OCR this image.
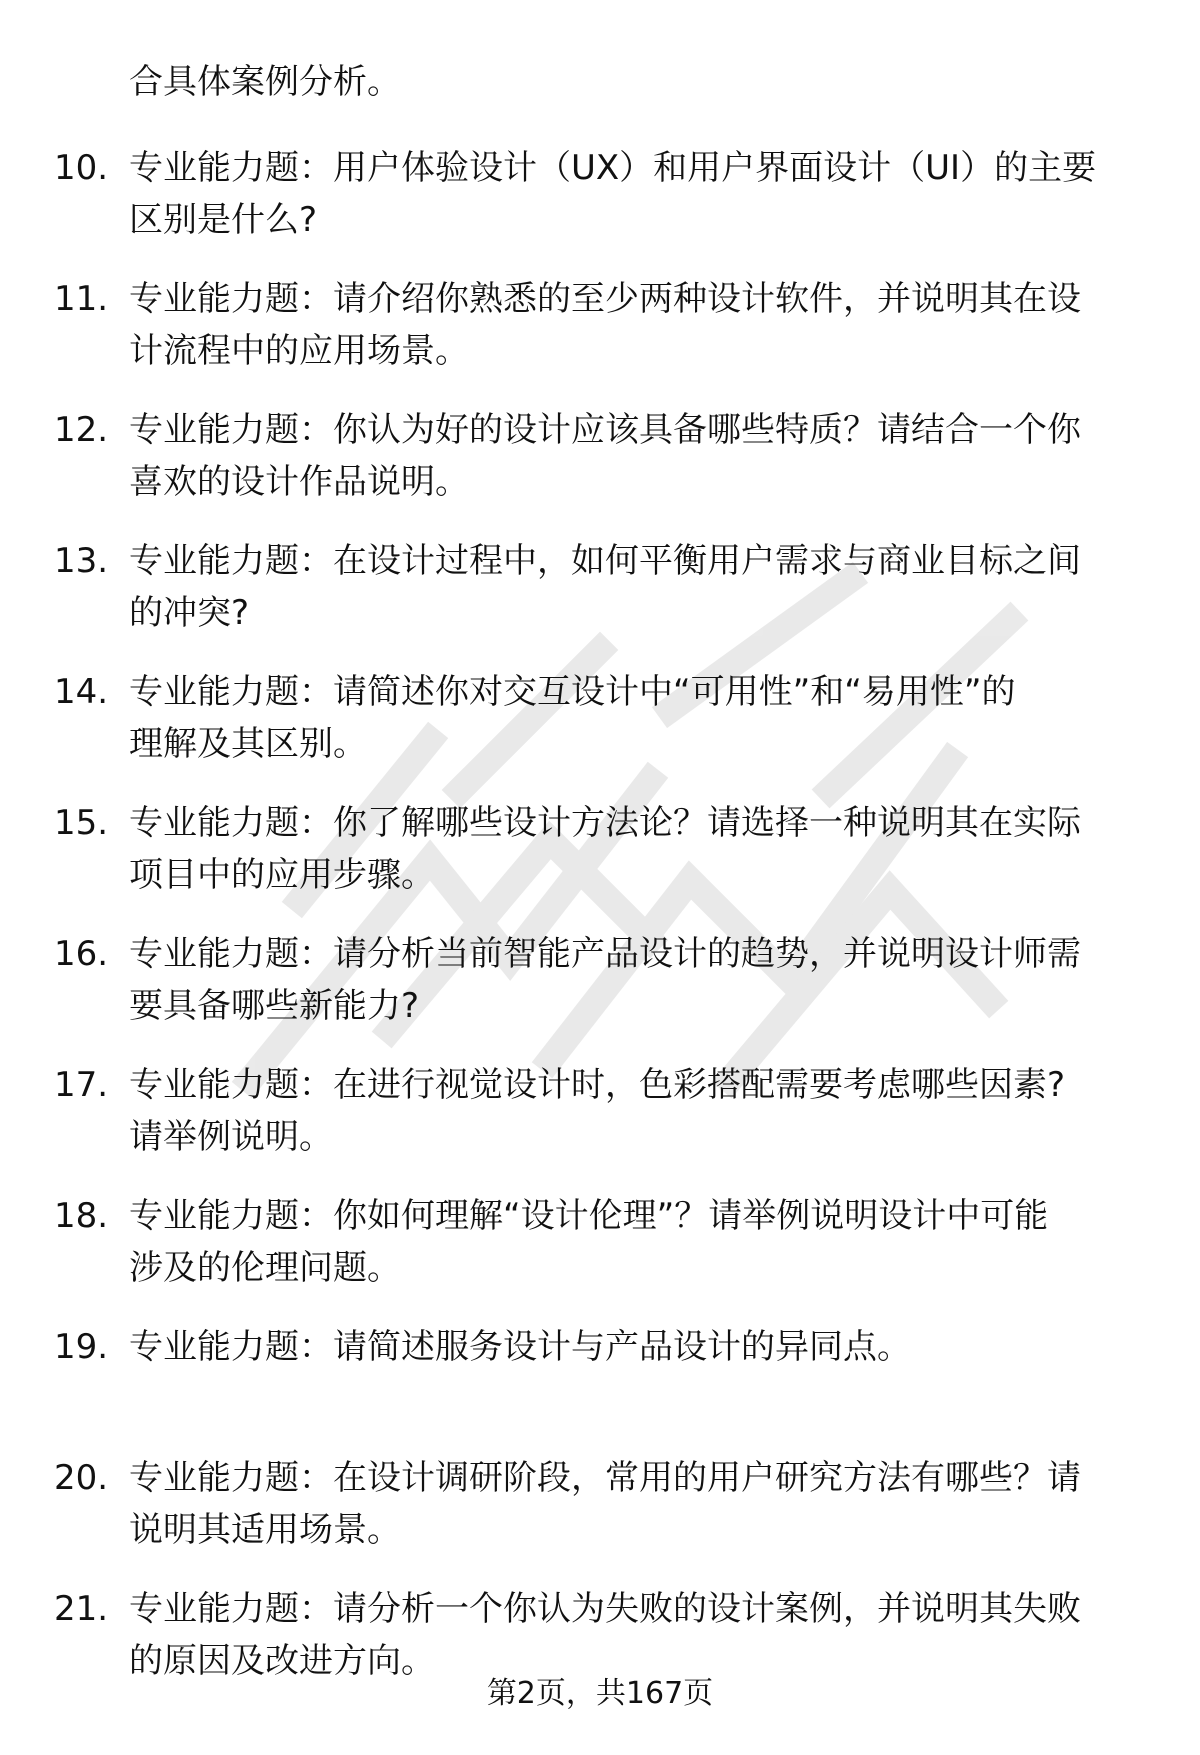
合具体案例分析。
10. 专业能力题：用户体验设计（UX）和用户界面设计（UI）的主要
区别是什么?
11. 专业能力题：请介绍你熟悉的至少两种设计软件，并说明其在设
计流程中的应用场景。
12. 专业能力题：你认为好的设计应该具备哪些特质？请结合一个你
喜欢的设计作品说明。
13. 专业能力题：在设计过程中，如何平衡用户需求与商业目标之间
的冲突?
14. 专业能力题：请简述你对交互设计中“可用性”和“易用性”的
理解及其区别。
15. 专业能力题：你了解哪些设计方法论？请选择一种说明其在实际
项目中的应用步骤。
16. 专业能力题：请分析当前智能产品设计的趋势，并说明设计师需
要具备哪些新能力?
17. 专业能力题：在进行视觉设计时，色彩搭配需要考虑哪些因素?
请举例说明。
18. 专业能力题：你如何理解“设计伦理”？请举例说明设计中可能
涉及的伦理问题。
19. 专业能力题：请简述服务设计与产品设计的异同点。
20. 专业能力题：在设计调研阶段，常用的用户研究方法有哪些？请
说明其适用场景。
21. 专业能力题：请分析一个你认为失败的设计案例，并说明其失败
的原因及改进方向。
第2页，共167页
